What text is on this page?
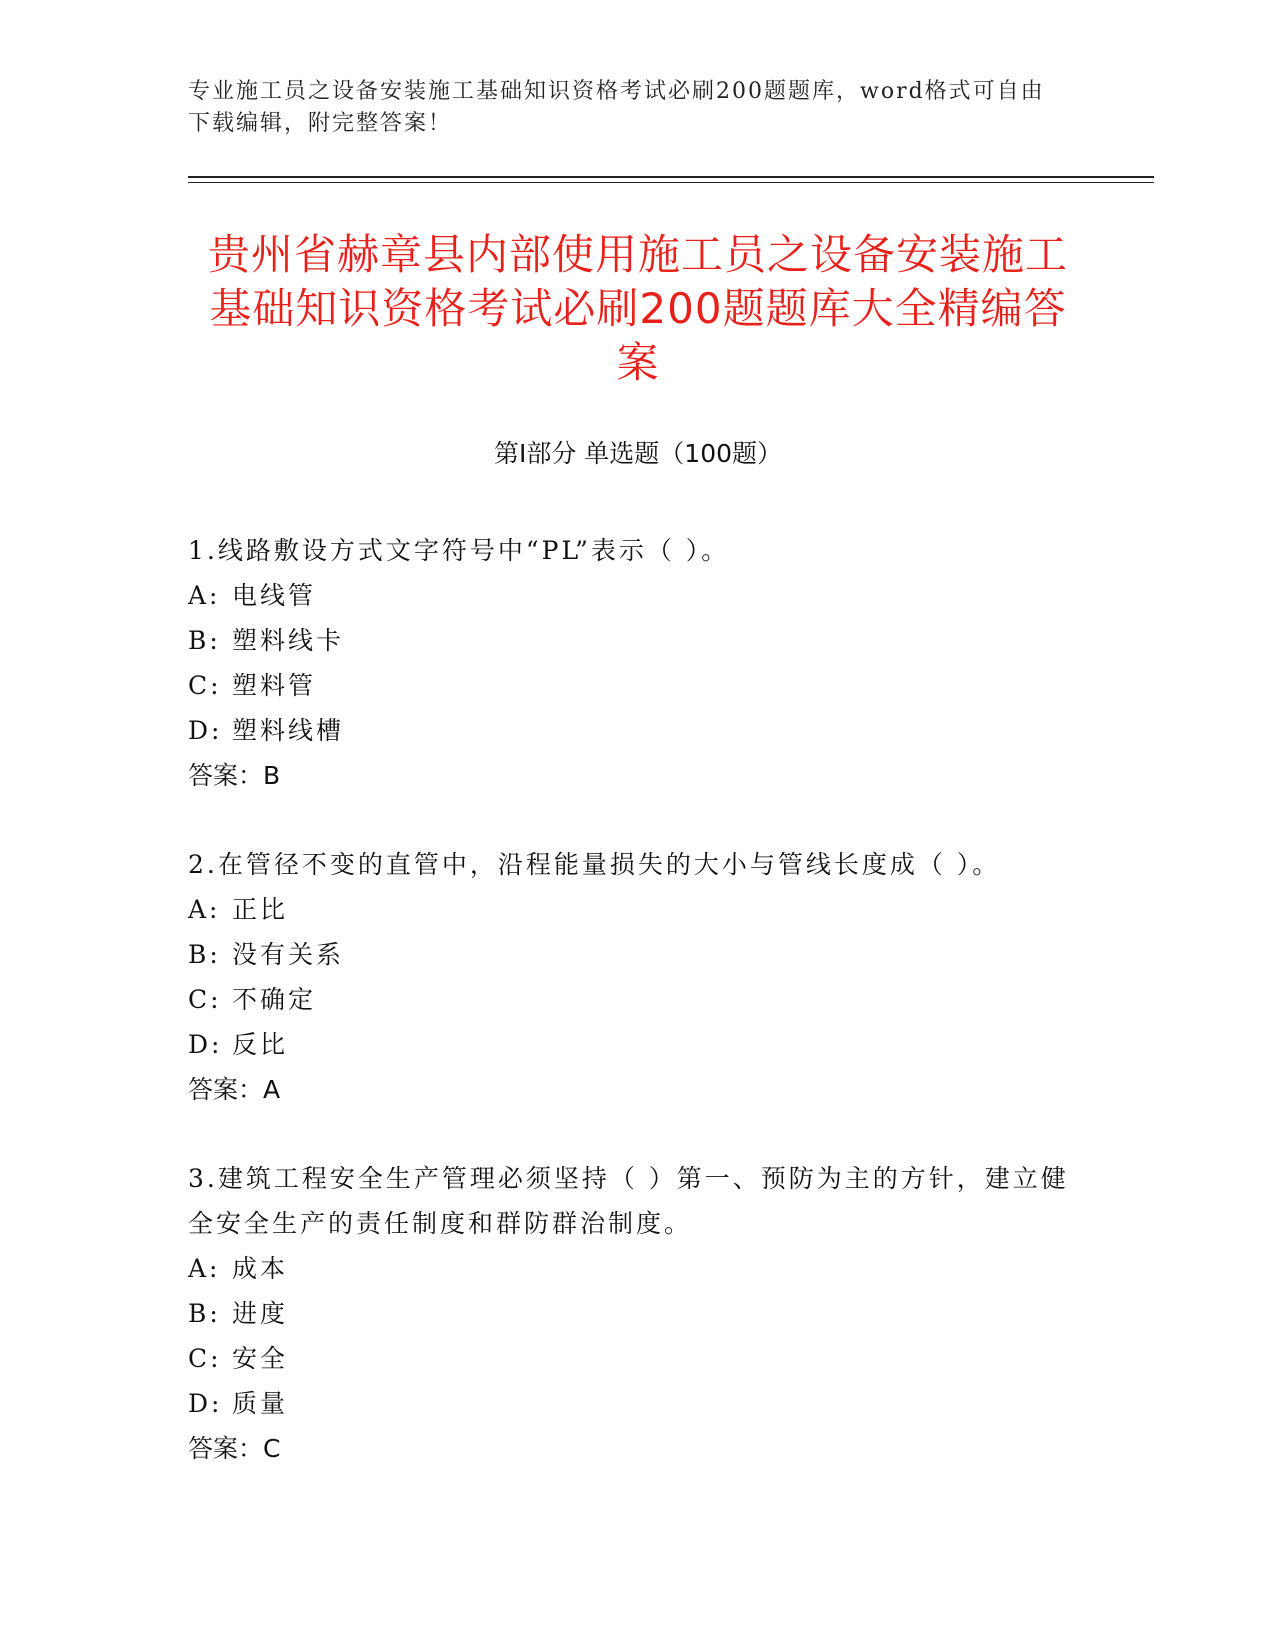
专业施工员之设备安装施工基础知识资格考试必刷200题题库，word格式可自由下载编辑，附完整答案！
贵州省赫章县内部使用施工员之设备安装施工基础知识资格考试必刷200题题库大全精编答案
第Ⅰ部分 单选题（100题）
1.线路敷设方式文字符号中“PL”表示（ ）。
A: 电线管
B: 塑料线卡
C: 塑料管
D: 塑料线槽
答案：B
2.在管径不变的直管中，沿程能量损失的大小与管线长度成（ ）。
A: 正比
B: 没有关系
C: 不确定
D: 反比
答案：A
3.建筑工程安全生产管理必须坚持（ ）第一、预防为主的方针，建立健全安全生产的责任制度和群防群治制度。
A: 成本
B: 进度
C: 安全
D: 质量
答案：C
